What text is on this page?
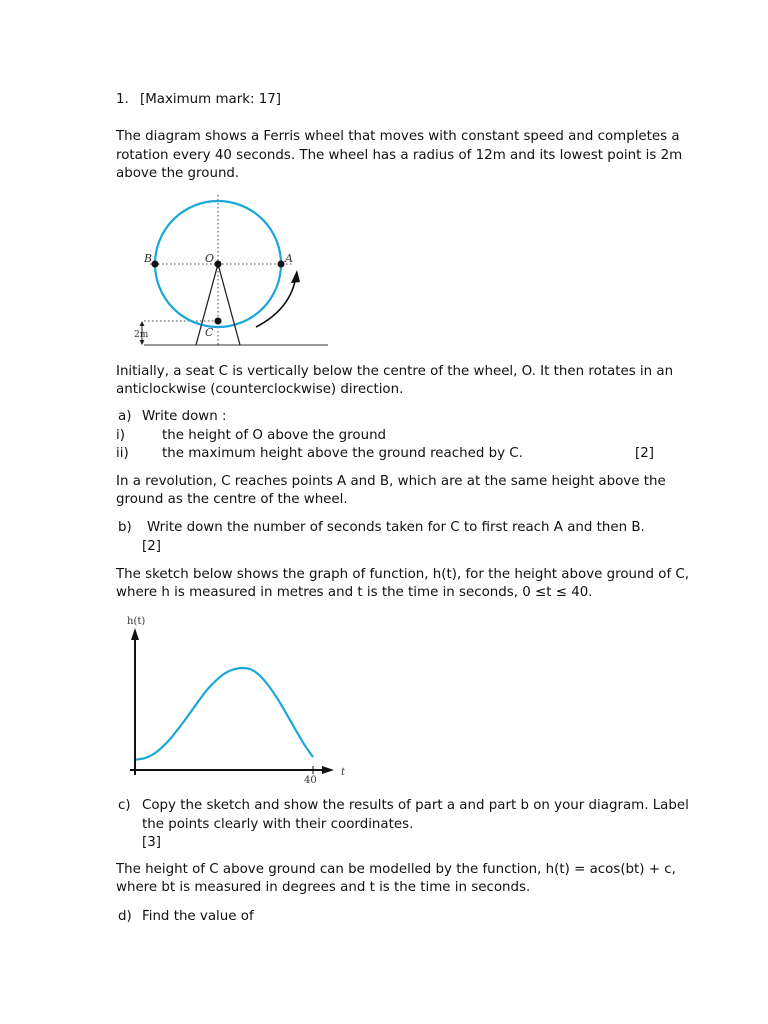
1. [Maximum mark: 17]
The diagram shows a Ferris wheel that moves with constant speed and completes a
rotation every 40 seconds. The wheel has a radius of 12m and its lowest point is 2m
above the ground.
B	O	A
C
2m
Initially, a seat C is vertically below the centre of the wheel, O. It then rotates in an
anticlockwise (counterclockwise) direction.
a) Write down :
i)	the height of O above the ground
ii) the maximum height above the ground reached by C.	[2]
In a revolution, C reaches points A and B, which are at the same height above the
ground as the centre of the wheel.
b) Write down the number of seconds taken for C to first reach A and then B.
[2]
The sketch below shows the graph of function, h(t), for the height above ground of C,
where h is measured in metres and t is the time in seconds, 0 ≤t ≤ 40.
h(t)
t
40
c) Copy the sketch and show the results of part a and part b on your diagram. Label
the points clearly with their coordinates.
[3]
The height of C above ground can be modelled by the function, h(t) = acos(bt) + c,
where bt is measured in degrees and t is the time in seconds.
d) Find the value of
